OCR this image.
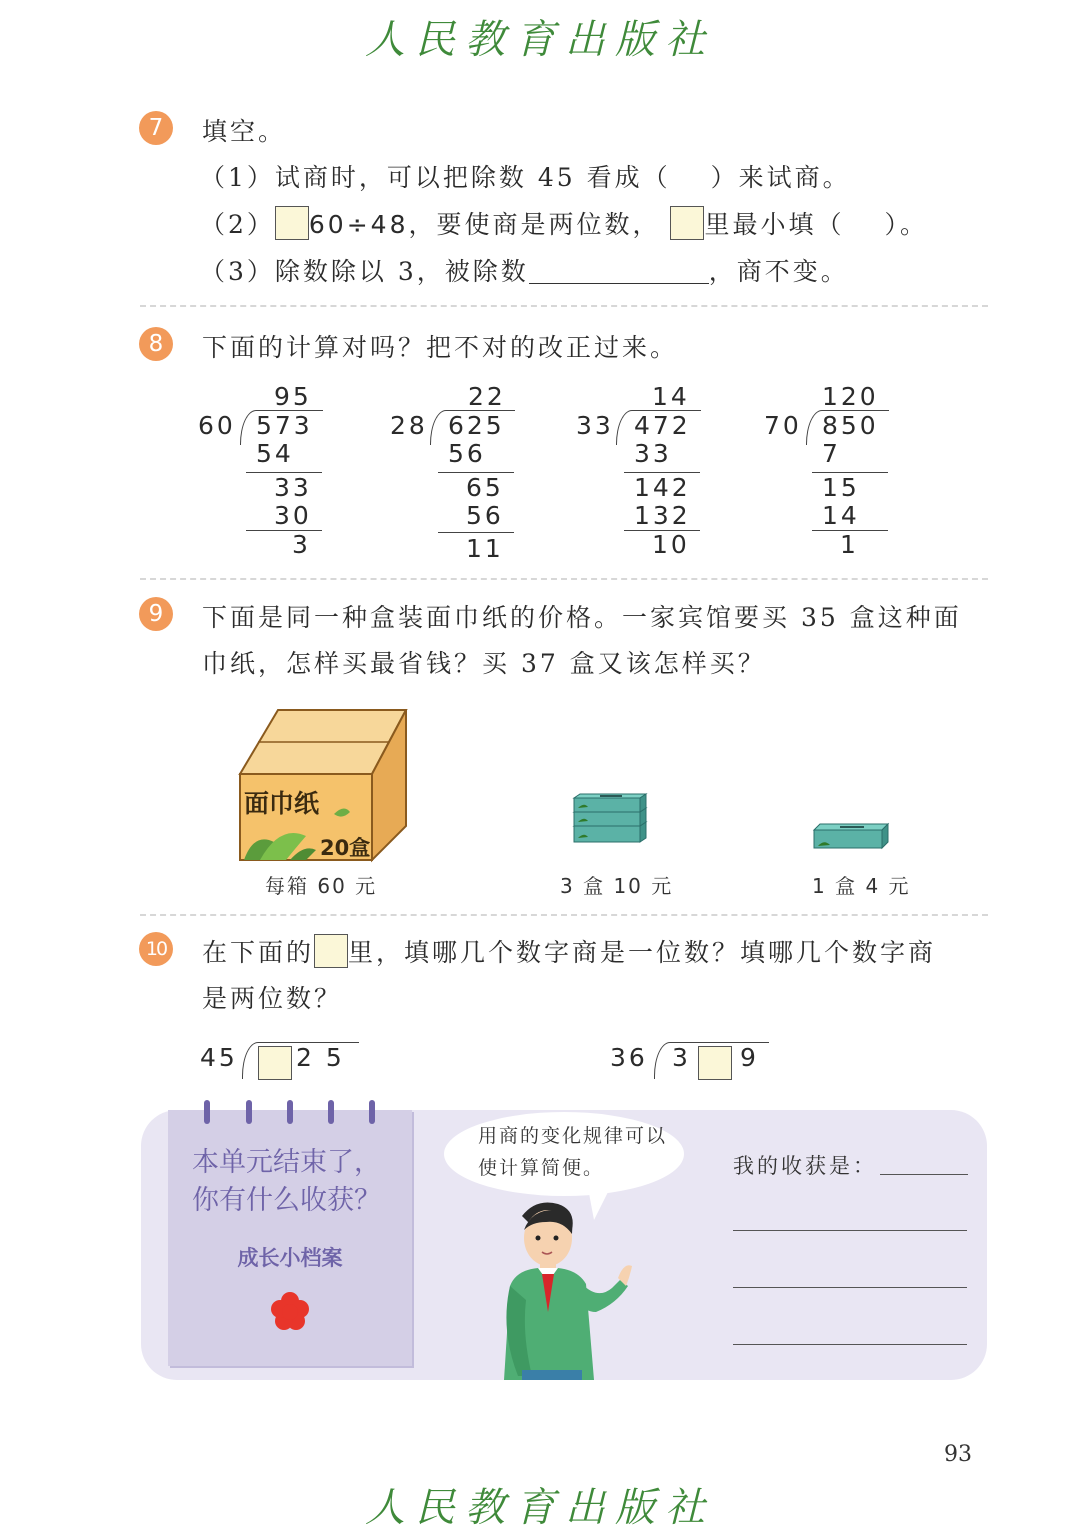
人民教育出版社
7	填空。
（1）试商时，可以把除数 45 看成（ ）来试商。
（2） 60÷48，要使商是两位数， 里最小填（ ）。
（3）除数除以 3，被除数	，商不变。
8	下面的计算对吗？把不对的改正过来。
95
60 573
54
33
30
3
22
28 625
56
65
56
11
14
33 472
33
142
132
10
120
70 850
7
15
14
1
9	下面是同一种盒装面巾纸的价格。一家宾馆要买 35 盒这种面
巾纸，怎样买最省钱？买 37 盒又该怎样买？
面巾纸
20盒
每箱 60 元	3 盒 10 元	1 盒 4 元
10 在下面的 里，填哪几个数字商是一位数？填哪几个数字商
是两位数？
45 2 5	36 3 9
本单元结束了，你有什么收获？
成长小档案
用商的变化规律可以使计算简便。	我的收获是：
93
人民教育出版社
